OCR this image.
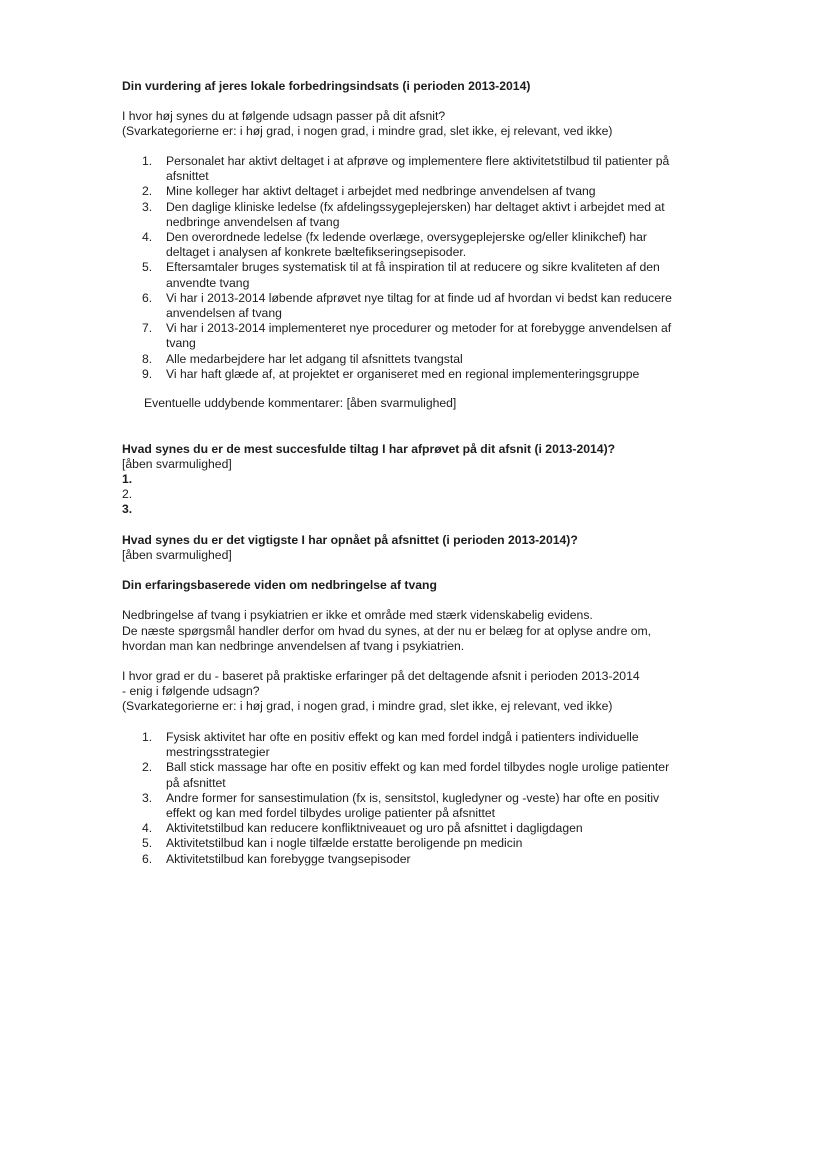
Din vurdering af jeres lokale forbedringsindsats (i perioden 2013-2014)
I hvor høj synes du at følgende udsagn passer på dit afsnit?
(Svarkategorierne er: i høj grad, i nogen grad, i mindre grad, slet ikke, ej relevant, ved ikke)
1. Personalet har aktivt deltaget i at afprøve og implementere flere aktivitetstilbud til patienter på afsnittet
2. Mine kolleger har aktivt deltaget i arbejdet med nedbringe anvendelsen af tvang
3. Den daglige kliniske ledelse (fx afdelingssygeplejersken) har deltaget aktivt i arbejdet med at nedbringe anvendelsen af tvang
4. Den overordnede ledelse (fx ledende overlæge, oversygeplejerske og/eller klinikchef) har deltaget i analysen af konkrete bæltefikseringsepisoder.
5. Eftersamtaler bruges systematisk til at få inspiration til at reducere og sikre kvaliteten af den anvendte tvang
6. Vi har i 2013-2014 løbende afprøvet nye tiltag for at finde ud af hvordan vi bedst kan reducere anvendelsen af tvang
7. Vi har i 2013-2014 implementeret nye procedurer og metoder for at forebygge anvendelsen af tvang
8. Alle medarbejdere har let adgang til afsnittets tvangstal
9. Vi har haft glæde af, at projektet er organiseret med en regional implementeringsgruppe
Eventuelle uddybende kommentarer: [åben svarmulighed]
Hvad synes du er de mest succesfulde tiltag I har afprøvet på dit afsnit (i 2013-2014)?
[åben svarmulighed]
1.
2.
3.
Hvad synes du er det vigtigste I har opnået på afsnittet (i perioden 2013-2014)?
[åben svarmulighed]
Din erfaringsbaserede viden om nedbringelse af tvang
Nedbringelse af tvang i psykiatrien er ikke et område med stærk videnskabelig evidens.
De næste spørgsmål handler derfor om hvad du synes, at der nu er belæg for at oplyse andre om, hvordan man kan nedbringe anvendelsen af tvang i psykiatrien.
I hvor grad er du - baseret på praktiske erfaringer på det deltagende afsnit i perioden 2013-2014
- enig i følgende udsagn?
(Svarkategorierne er: i høj grad, i nogen grad, i mindre grad, slet ikke, ej relevant, ved ikke)
1. Fysisk aktivitet har ofte en positiv effekt og kan med fordel indgå i patienters individuelle mestringsstrategier
2. Ball stick massage har ofte en positiv effekt og kan med fordel tilbydes nogle urolige patienter på afsnittet
3. Andre former for sansestimulation (fx is, sensitstol, kugledyner og -veste) har ofte en positiv effekt og kan med fordel tilbydes urolige patienter på afsnittet
4. Aktivitetstilbud kan reducere konfliktniveauet og uro på afsnittet i dagligdagen
5. Aktivitetstilbud kan i nogle tilfælde erstatte beroligende pn medicin
6. Aktivitetstilbud kan forebygge tvangsepisoder
